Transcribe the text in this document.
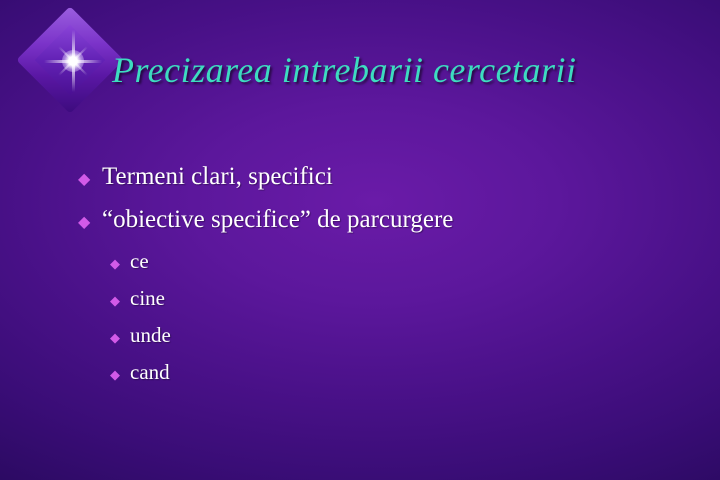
Precizarea intrebarii cercetarii
◆ Termeni clari, specifici
◆ “obiective specifice” de parcurgere
◆ ce
◆ cine
◆ unde
◆ cand
